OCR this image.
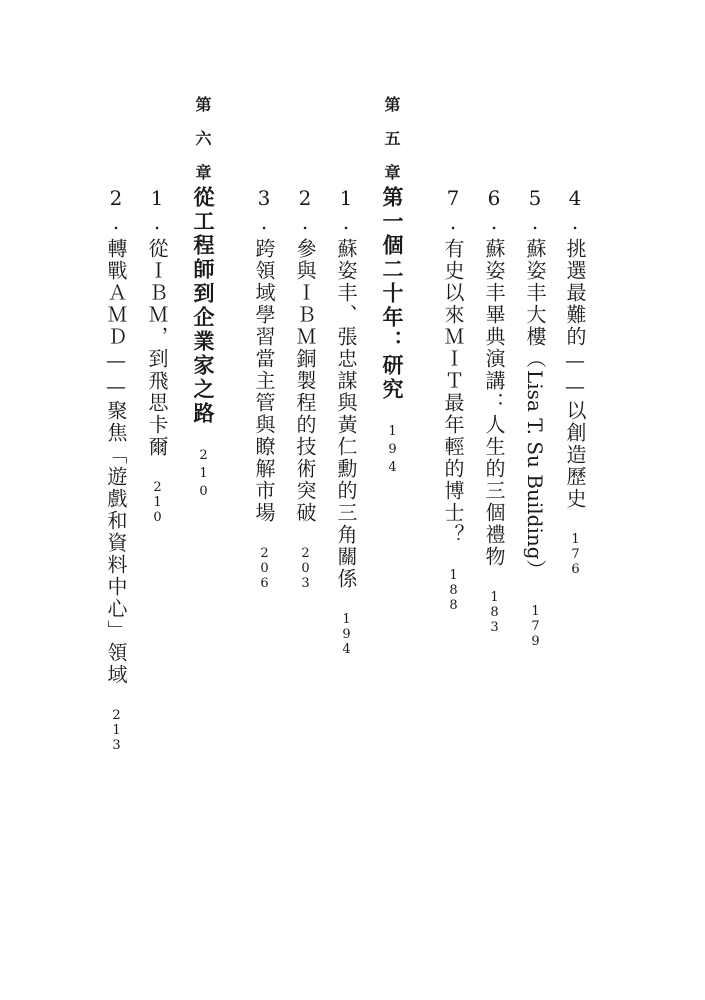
4.挑選最難的——以創造歷史176
5.蘇姿丰大樓（Lisa T. Su Building）179
6.蘇姿丰畢典演講：人生的三個禮物183
7.有史以來ＭＩＴ最年輕的博士？188
第五章
第一個二十年：研究194
1.蘇姿丰、張忠謀與黃仁勳的三角關係194
2.參與ＩＢＭ銅製程的技術突破203
3.跨領域學習當主管與瞭解市場206
第六章
從工程師到企業家之路210
1.從ＩＢＭ，到飛思卡爾210
2.轉戰ＡＭＤ——聚焦「遊戲和資料中心」領域213
